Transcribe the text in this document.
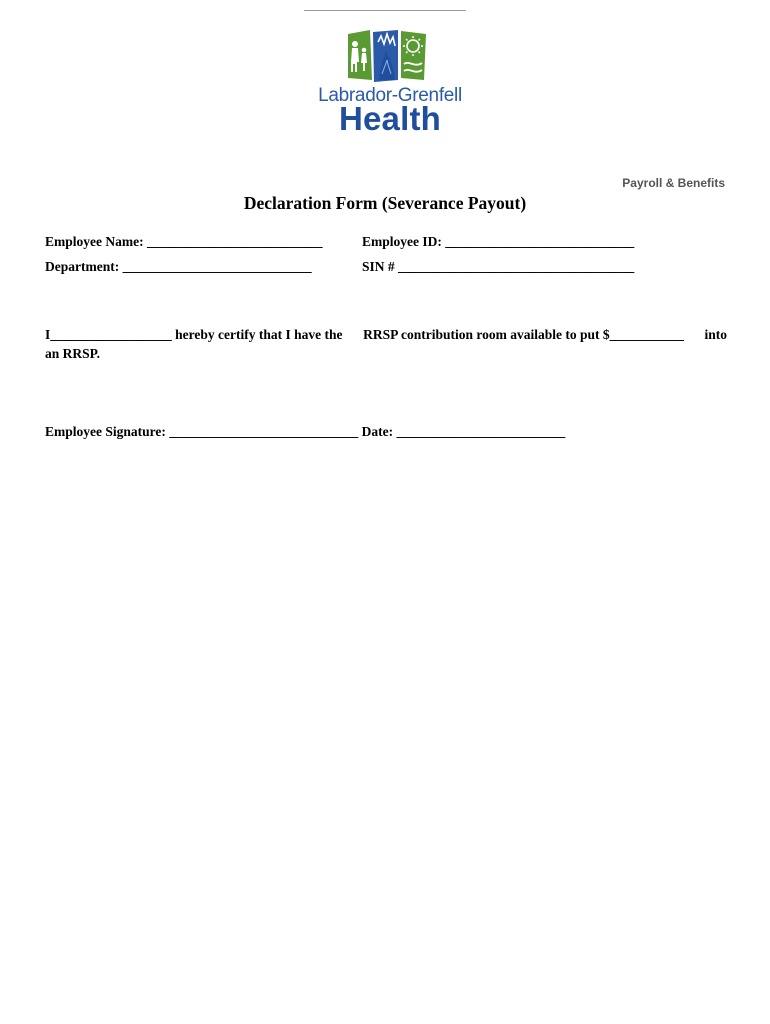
Labrador-Grenfell
Health
Payroll & Benefits
Declaration Form (Severance Payout)
Employee Name: __________________________	Employee ID: ____________________________
Department: ____________________________	SIN # ___________________________________
I__________________ hereby certify that I have the RRSP contribution room available to put $___________ into
an RRSP.
Employee Signature: ____________________________ Date: _________________________
